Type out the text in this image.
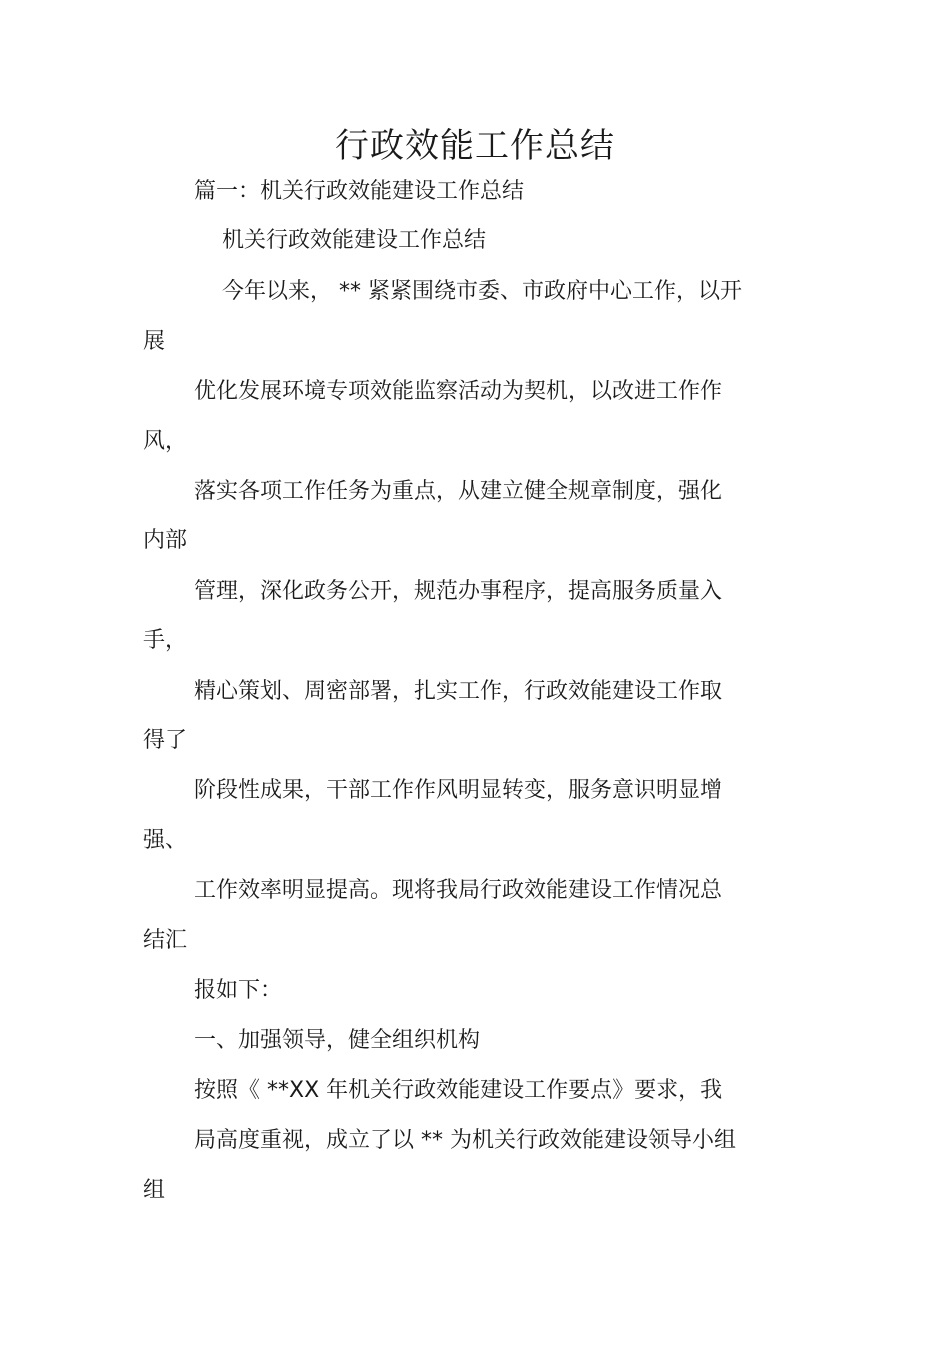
行政效能工作总结
篇一：机关行政效能建设工作总结
机关行政效能建设工作总结
今年以来， ** 紧紧围绕市委、市政府中心工作，以开
展
优化发展环境专项效能监察活动为契机，以改进工作作
风，
落实各项工作任务为重点，从建立健全规章制度，强化
内部
管理，深化政务公开，规范办事程序，提高服务质量入
手，
精心策划、周密部署，扎实工作，行政效能建设工作取
得了
阶段性成果，干部工作作风明显转变，服务意识明显增
强、
工作效率明显提高。现将我局行政效能建设工作情况总
结汇
报如下：
一、加强领导，健全组织机构
按照《 **XX 年机关行政效能建设工作要点》要求，我
局高度重视，成立了以 ** 为机关行政效能建设领导小组
组
